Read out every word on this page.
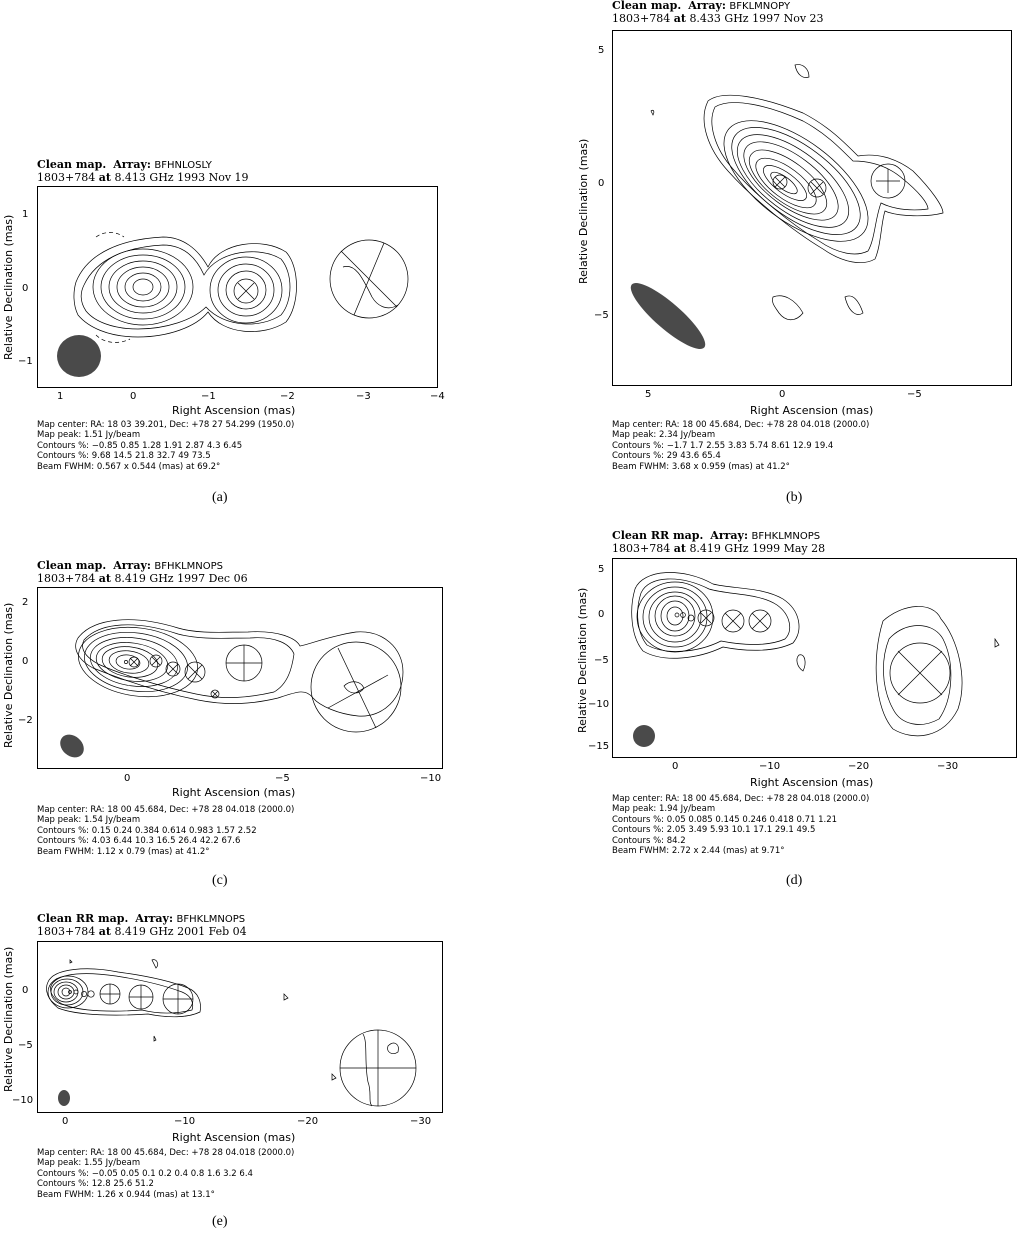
Clean map. Array: BFHNLOSLY
1803+784 at 8.413 GHz 1993 Nov 19
1	0	−1	−2	−3	−4
1
0
−1
Right Ascension (mas)
Relative Declination (mas)
Map center: RA: 18 03 39.201, Dec: +78 27 54.299 (1950.0)
Map peak: 1.51 Jy/beam
Contours %: −0.85 0.85 1.28 1.91 2.87 4.3 6.45
Contours %: 9.68 14.5 21.8 32.7 49 73.5
Beam FWHM: 0.567 x 0.544 (mas) at 69.2°
(a)
Clean map. Array: BFKLMNOPY
1803+784 at 8.433 GHz 1997 Nov 23
5	0	−5
5
0
−5
Right Ascension (mas)
Relative Declination (mas)
Map center: RA: 18 00 45.684, Dec: +78 28 04.018 (2000.0)
Map peak: 2.34 Jy/beam
Contours %: −1.7 1.7 2.55 3.83 5.74 8.61 12.9 19.4
Contours %: 29 43.6 65.4
Beam FWHM: 3.68 x 0.959 (mas) at 41.2°
(b)
Clean map. Array: BFHKLMNOPS
1803+784 at 8.419 GHz 1997 Dec 06
0	−5	−10
2
0
−2
Right Ascension (mas)
Relative Declination (mas)
Map center: RA: 18 00 45.684, Dec: +78 28 04.018 (2000.0)
Map peak: 1.54 Jy/beam
Contours %: 0.15 0.24 0.384 0.614 0.983 1.57 2.52
Contours %: 4.03 6.44 10.3 16.5 26.4 42.2 67.6
Beam FWHM: 1.12 x 0.79 (mas) at 41.2°
(c)
Clean RR map. Array: BFHKLMNOPS
1803+784 at 8.419 GHz 1999 May 28
0	−10	−20	−30
5
0
−5
−10
−15
Right Ascension (mas)
Relative Declination (mas)
Map center: RA: 18 00 45.684, Dec: +78 28 04.018 (2000.0)
Map peak: 1.94 Jy/beam
Contours %: 0.05 0.085 0.145 0.246 0.418 0.71 1.21
Contours %: 2.05 3.49 5.93 10.1 17.1 29.1 49.5
Contours %: 84.2
Beam FWHM: 2.72 x 2.44 (mas) at 9.71°
(d)
Clean RR map. Array: BFHKLMNOPS
1803+784 at 8.419 GHz 2001 Feb 04
0	−10	−20	−30
0
−5
−10
Right Ascension (mas)
Relative Declination (mas)
Map center: RA: 18 00 45.684, Dec: +78 28 04.018 (2000.0)
Map peak: 1.55 Jy/beam
Contours %: −0.05 0.05 0.1 0.2 0.4 0.8 1.6 3.2 6.4
Contours %: 12.8 25.6 51.2
Beam FWHM: 1.26 x 0.944 (mas) at 13.1°
(e)
